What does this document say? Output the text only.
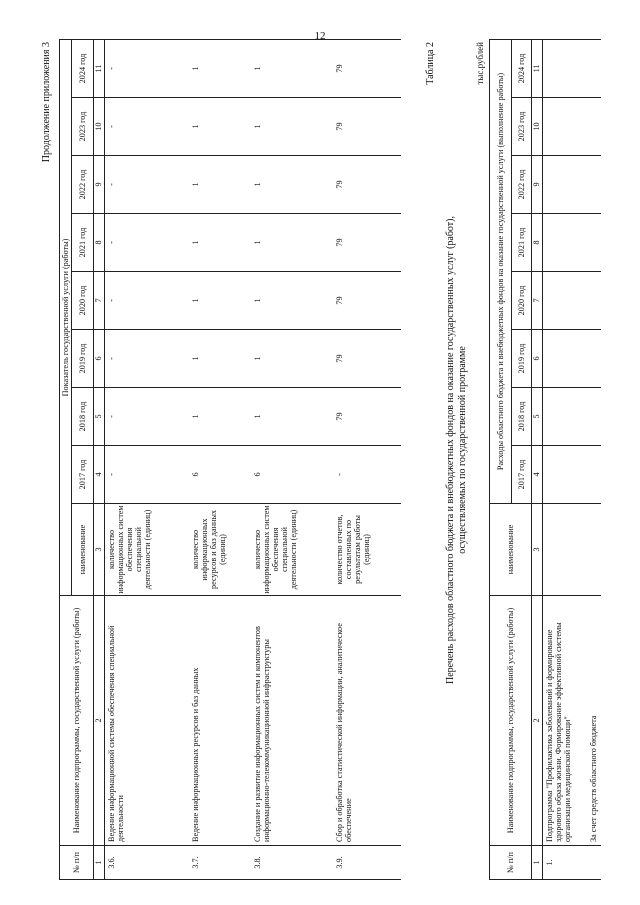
12
Продолжение приложения 3
№ п/п	Наименование подпрограммы, государственной услуги (работы)	Показатель государственной услуги (работы)								
		наименование	2017 год	2018 год	2019 год	2020 год	2021 год	2022 год	2023 год	2024 год

1	2	3	4	5	6	7	8	9	10	11
3.6.	Ведение информационной системы обеспечения специальной деятельности	количество информационных систем обеспечения специальной деятельности (единиц)	-	-	-	-	-	-	-	-
3.7.	Ведение информационных ресурсов и баз данных	количество информационных ресурсов и баз данных (единиц)	6	1	1	1	1	1	1	1
3.8.	Создание и развитие информационных систем и компонентов информационно-телекоммуникационной инфраструктуры	количество информационных систем обеспечения специальной деятельности (единиц)	6	1	1	1	1	1	1	1
3.9.	Сбор и обработка статистической информации, аналитическое обеспечение	количество отчетов, составленных по результатам работы (единиц)	-	79	79	79	79	79	79	79	Таблица 2
Перечень расходов областного бюджета и внебюджетных фондов на оказание государственных услуг (работ), осуществляемых по государственной программе
тыс.рублей
№ п/п	Наименование подпрограммы, государственной услуги (работы)	наименование	Расходы областного бюджета и внебюджетных фондов на оказание государственной услуги (выполнение работы)							
			2017 год	2018 год	2019 год	2020 год	2021 год	2022 год	2023 год	2024 год
1	2	3	4	5	6	7	8	9	10	11
1.	Подпрограмма "Профилактика заболеваний и формирование здорового образа жизни. Формирование эффективной системы организации медицинской помощи"									
	За счет средств областного бюджета									
